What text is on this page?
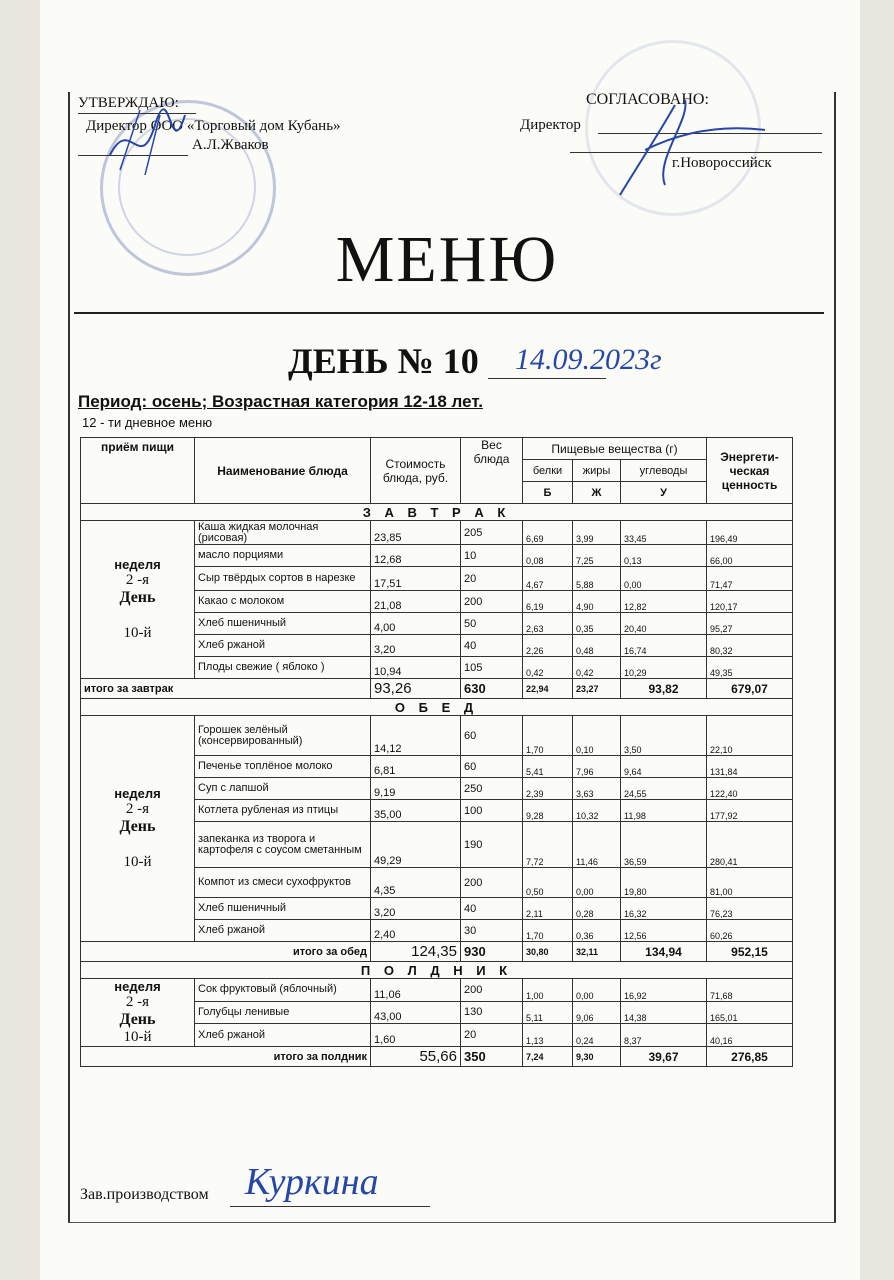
УТВЕРЖДАЮ:
Директор ООО «Торговый дом Кубань»
А.Л.Жваков
СОГЛАСОВАНО:
Директор
г.Новороссийск
МЕНЮ
ДЕНЬ № 10 14.09.2023г
Период: осень; Возрастная категория 12-18 лет.
12 - ти дневное меню
приём пищи	Наименование блюда	Стоимость блюда, руб.	Вес блюда	Пищевые вещества (г)			Энергети-ческая ценность
				белки	жиры	углеводы	
				Б	Ж	У	
З А В Т Р А К							

неделя
2 -я
День
10-й	Каша жидкая молочная (рисовая)	23,85	205	6,69	3,99	33,45	196,49
	масло порциями	12,68	10	0,08	7,25	0,13	66,00
	Сыр твёрдых сортов в нарезке	17,51	20	4,67	5,88	0,00	71,47
	Какао с молоком	21,08	200	6,19	4,90	12,82	120,17
	Хлеб пшеничный	4,00	50	2,63	0,35	20,40	95,27
	Хлеб ржаной	3,20	40	2,26	0,48	16,74	80,32
	Плоды свежие ( яблоко )	10,94	105	0,42	0,42	10,29	49,35
итого за завтрак		93,26	630	22,94	23,27	93,82	679,07
О Б Е Д							

неделя
2 -я
День
10-й	Горошек зелёный (консервированный)	14,12	60	1,70	0,10	3,50	22,10
	Печенье топлёное молоко	6,81	60	5,41	7,96	9,64	131,84
	Суп с лапшой	9,19	250	2,39	3,63	24,55	122,40
	Котлета рубленая из птицы	35,00	100	9,28	10,32	11,98	177,92
	запеканка из творога и картофеля с соусом сметанным	49,29	190	7,72	11,46	36,59	280,41
	Компот из смеси сухофруктов	4,35	200	0,50	0,00	19,80	81,00
	Хлеб пшеничный	3,20	40	2,11	0,28	16,32	76,23
	Хлеб ржаной	2,40	30	1,70	0,36	12,56	60,26
итого за обед		124,35	930	30,80	32,11	134,94	952,15
П О Л Д Н И К							

неделя
2 -я
День
10-й	Сок фруктовый (яблочный)	11,06	200	1,00	0,00	16,92	71,68
	Голубцы ленивые	43,00	130	5,11	9,06	14,38	165,01
	Хлеб ржаной	1,60	20	1,13	0,24	8,37	40,16
итого за полдник		55,66	350	7,24	9,30	39,67	276,85
Зав.производством Куркина
